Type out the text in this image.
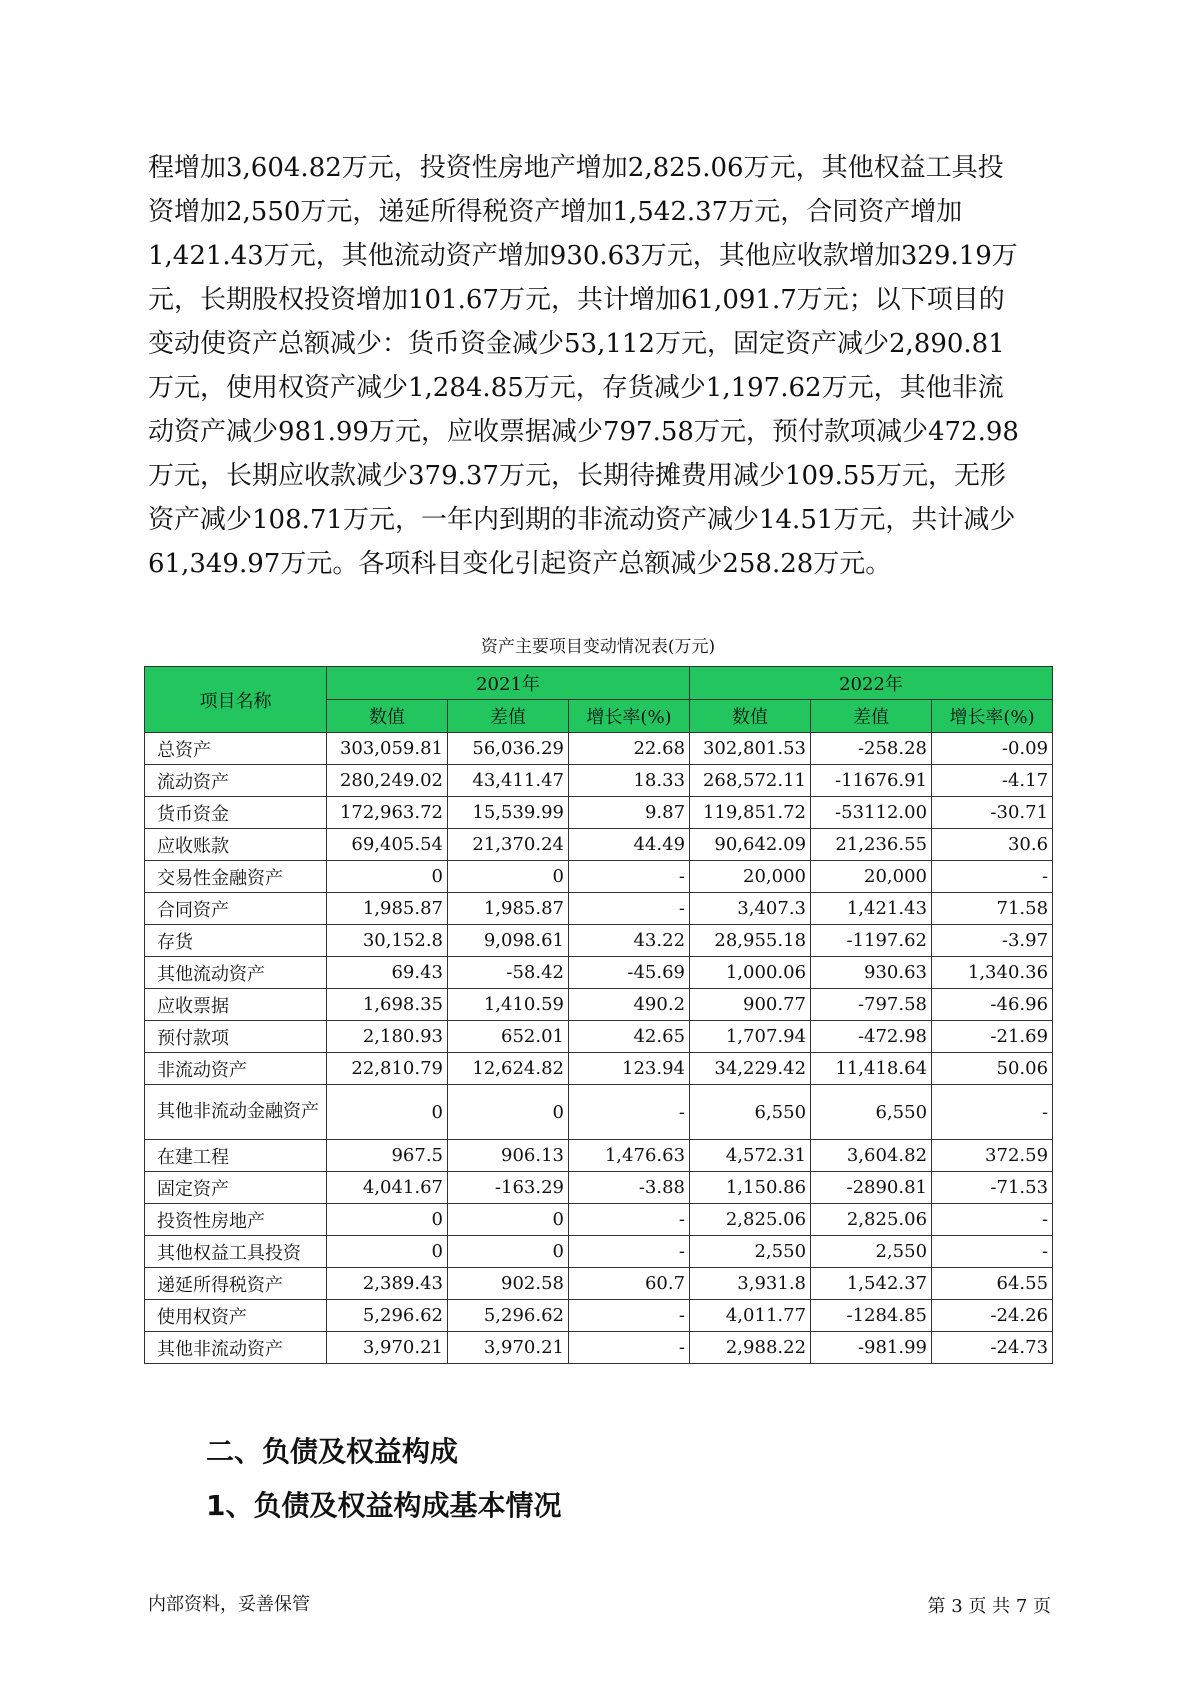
程增加3,604.82万元，投资性房地产增加2,825.06万元，其他权益工具投
资增加2,550万元，递延所得税资产增加1,542.37万元，合同资产增加
1,421.43万元，其他流动资产增加930.63万元，其他应收款增加329.19万
元，长期股权投资增加101.67万元，共计增加61,091.7万元；以下项目的
变动使资产总额减少：货币资金减少53,112万元，固定资产减少2,890.81
万元，使用权资产减少1,284.85万元，存货减少1,197.62万元，其他非流
动资产减少981.99万元，应收票据减少797.58万元，预付款项减少472.98
万元，长期应收款减少379.37万元，长期待摊费用减少109.55万元，无形
资产减少108.71万元，一年内到期的非流动资产减少14.51万元，共计减少
61,349.97万元。各项科目变化引起资产总额减少258.28万元。

资产主要项目变动情况表(万元)
项目名称	2021年			2022年		
	数值	差值	增长率(%)	数值	差值	增长率(%)
总资产	303,059.81	56,036.29	22.68	302,801.53	-258.28	-0.09
流动资产	280,249.02	43,411.47	18.33	268,572.11	-11676.91	-4.17
货币资金	172,963.72	15,539.99	9.87	119,851.72	-53112.00	-30.71
应收账款	69,405.54	21,370.24	44.49	90,642.09	21,236.55	30.6
交易性金融资产	0	0	-	20,000	20,000	-
合同资产	1,985.87	1,985.87	-	3,407.3	1,421.43	71.58
存货	30,152.8	9,098.61	43.22	28,955.18	-1197.62	-3.97
其他流动资产	69.43	-58.42	-45.69	1,000.06	930.63	1,340.36
应收票据	1,698.35	1,410.59	490.2	900.77	-797.58	-46.96
预付款项	2,180.93	652.01	42.65	1,707.94	-472.98	-21.69
非流动资产	22,810.79	12,624.82	123.94	34,229.42	11,418.64	50.06
其他非流动金融资产	0	0	-	6,550	6,550	-
在建工程	967.5	906.13	1,476.63	4,572.31	3,604.82	372.59
固定资产	4,041.67	-163.29	-3.88	1,150.86	-2890.81	-71.53
投资性房地产	0	0	-	2,825.06	2,825.06	-
其他权益工具投资	0	0	-	2,550	2,550	-
递延所得税资产	2,389.43	902.58	60.7	3,931.8	1,542.37	64.55
使用权资产	5,296.62	5,296.62	-	4,011.77	-1284.85	-24.26
其他非流动资产	3,970.21	3,970.21	-	2,988.22	-981.99	-24.73
二、负债及权益构成
1、负债及权益构成基本情况
内部资料，妥善保管	第 3 页 共 7 页
